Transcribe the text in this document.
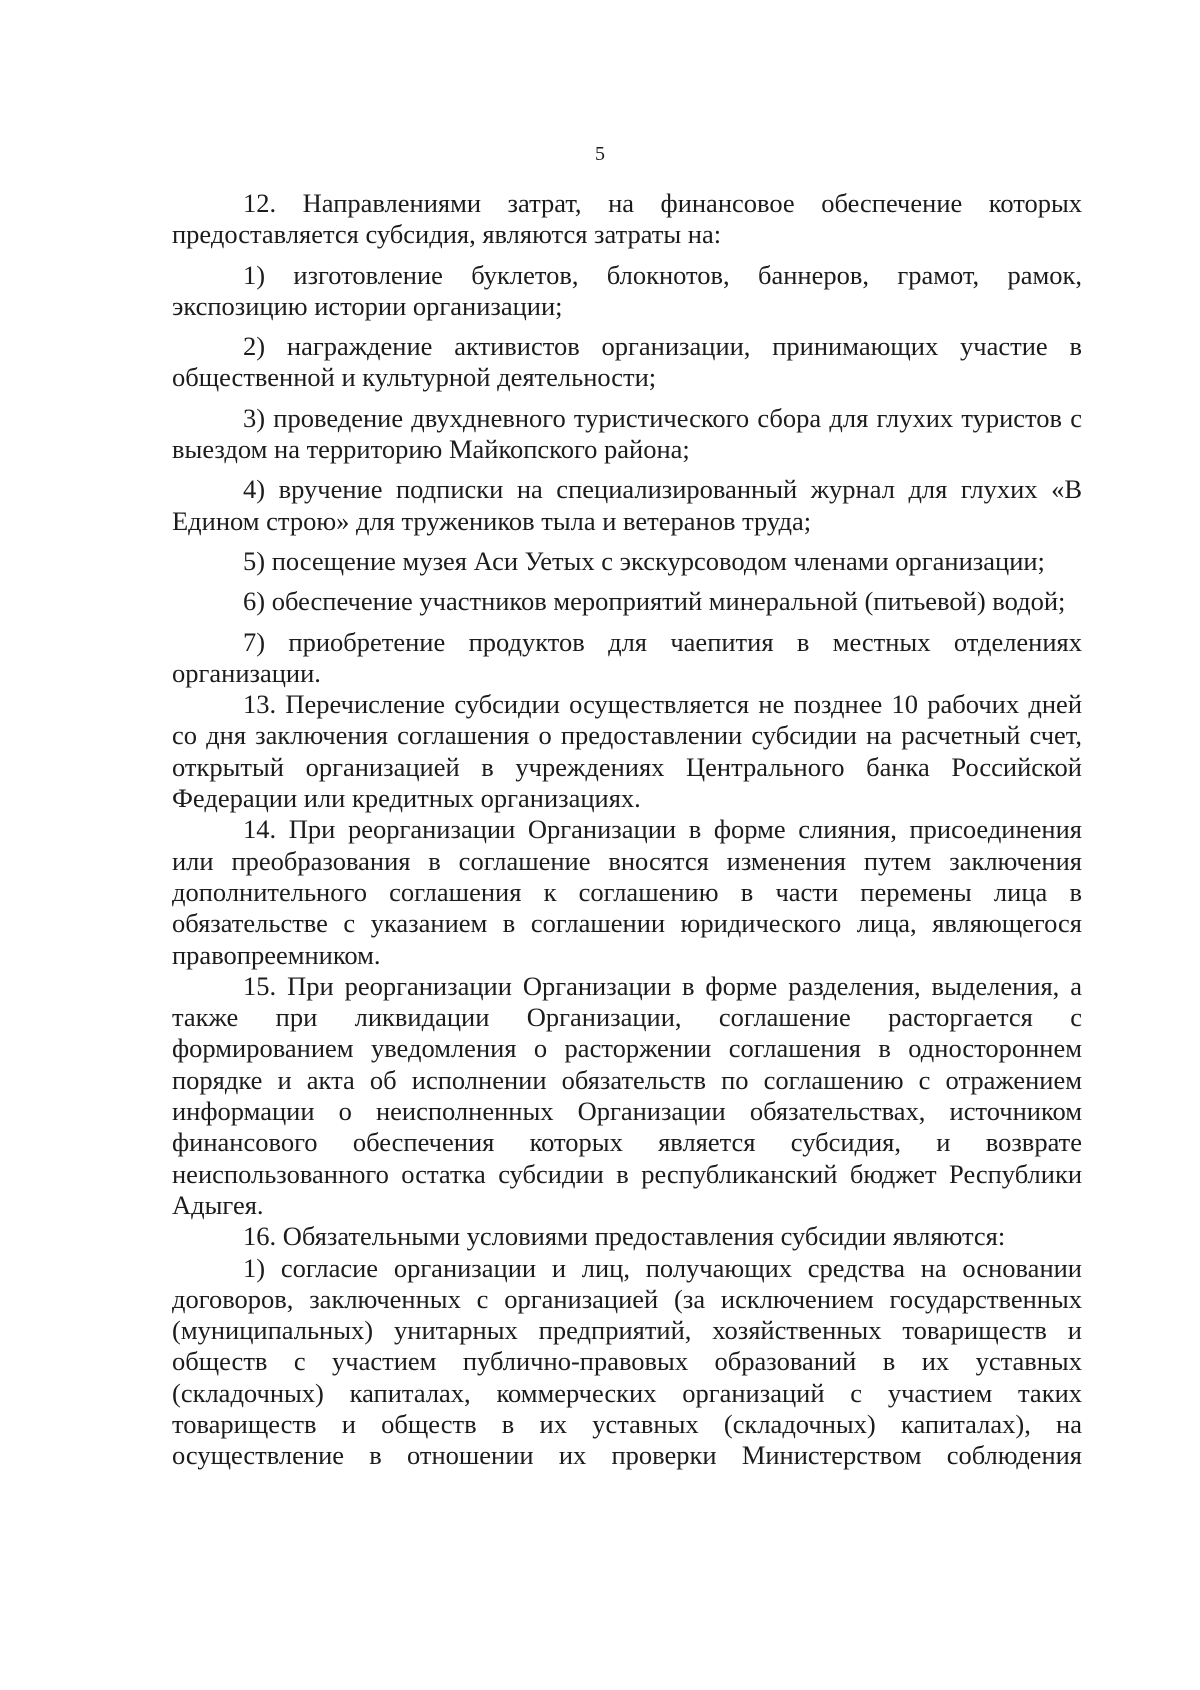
5

12. Направлениями затрат, на финансовое обеспечение которых предоставляется субсидия, являются затраты на:

1) изготовление буклетов, блокнотов, баннеров, грамот, рамок, экспозицию истории организации;

2) награждение активистов организации, принимающих участие в общественной и культурной деятельности;

3) проведение двухдневного туристического сбора для глухих туристов с выездом на территорию Майкопского района;

4) вручение подписки на специализированный журнал для глухих «В Едином строю» для тружеников тыла и ветеранов труда;

5) посещение музея Аси Уетых с экскурсоводом членами организации;

6) обеспечение участников мероприятий минеральной (питьевой) водой;

7) приобретение продуктов для чаепития в местных отделениях организации.

13. Перечисление субсидии осуществляется не позднее 10 рабочих дней со дня заключения соглашения о предоставлении субсидии на расчетный счет, открытый организацией в учреждениях Центрального банка Российской Федерации или кредитных организациях.

14. При реорганизации Организации в форме слияния, присоединения или преобразования в соглашение вносятся изменения путем заключения дополнительного соглашения к соглашению в части перемены лица в обязательстве с указанием в соглашении юридического лица, являющегося правопреемником.

15. При реорганизации Организации в форме разделения, выделения, а также при ликвидации Организации, соглашение расторгается с формированием уведомления о расторжении соглашения в одностороннем порядке и акта об исполнении обязательств по соглашению с отражением информации о неисполненных Организации обязательствах, источником финансового обеспечения которых является субсидия, и возврате неиспользованного остатка субсидии в республиканский бюджет Республики Адыгея.

16. Обязательными условиями предоставления субсидии являются:

1) согласие организации и лиц, получающих средства на основании договоров, заключенных с организацией (за исключением государственных (муниципальных) унитарных предприятий, хозяйственных товариществ и обществ с участием публично-правовых образований в их уставных (складочных) капиталах, коммерческих организаций с участием таких товариществ и обществ в их уставных (складочных) капиталах), на осуществление в отношении их проверки Министерством соблюдения
